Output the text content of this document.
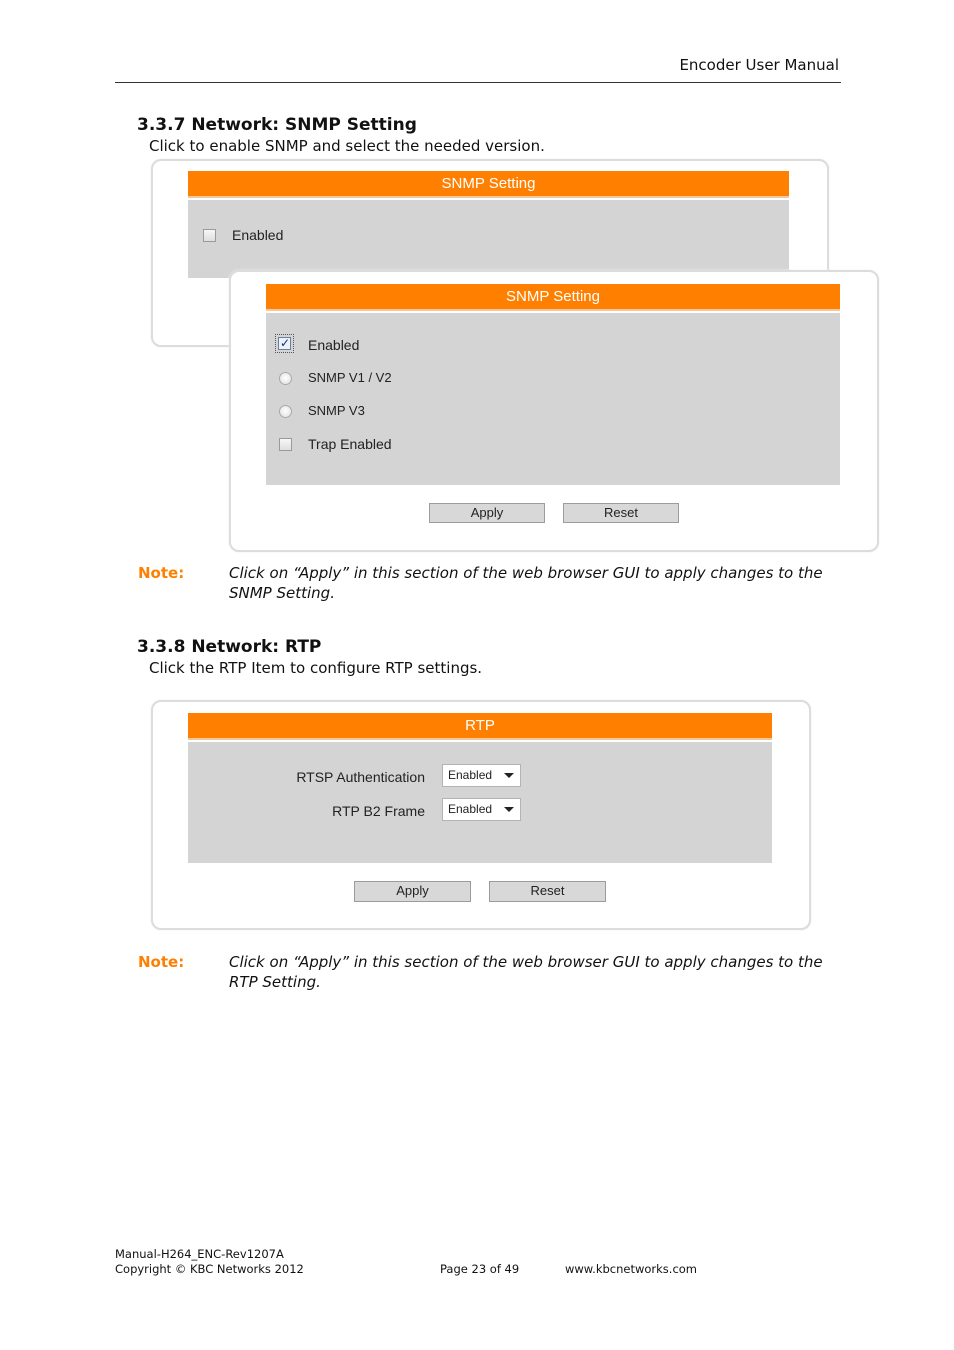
Encoder User Manual
3.3.7 Network: SNMP Setting
Click to enable SNMP and select the needed version.
SNMP Setting
Enabled
SNMP Setting
✓ Enabled
SNMP V1 / V2
SNMP V3
Trap Enabled
Apply	Reset
Note:	Click on “Apply” in this section of the web browser GUI to apply changes to the SNMP Setting.
3.3.8 Network: RTP
Click the RTP Item to configure RTP settings.
RTP
RTSP Authentication Enabled
RTP B2 Frame Enabled
Apply	Reset
Note:	Click on “Apply” in this section of the web browser GUI to apply changes to the RTP Setting.
Manual-H264_ENC-Rev1207A
Copyright © KBC Networks 2012	Page 23 of 49	www.kbcnetworks.com
